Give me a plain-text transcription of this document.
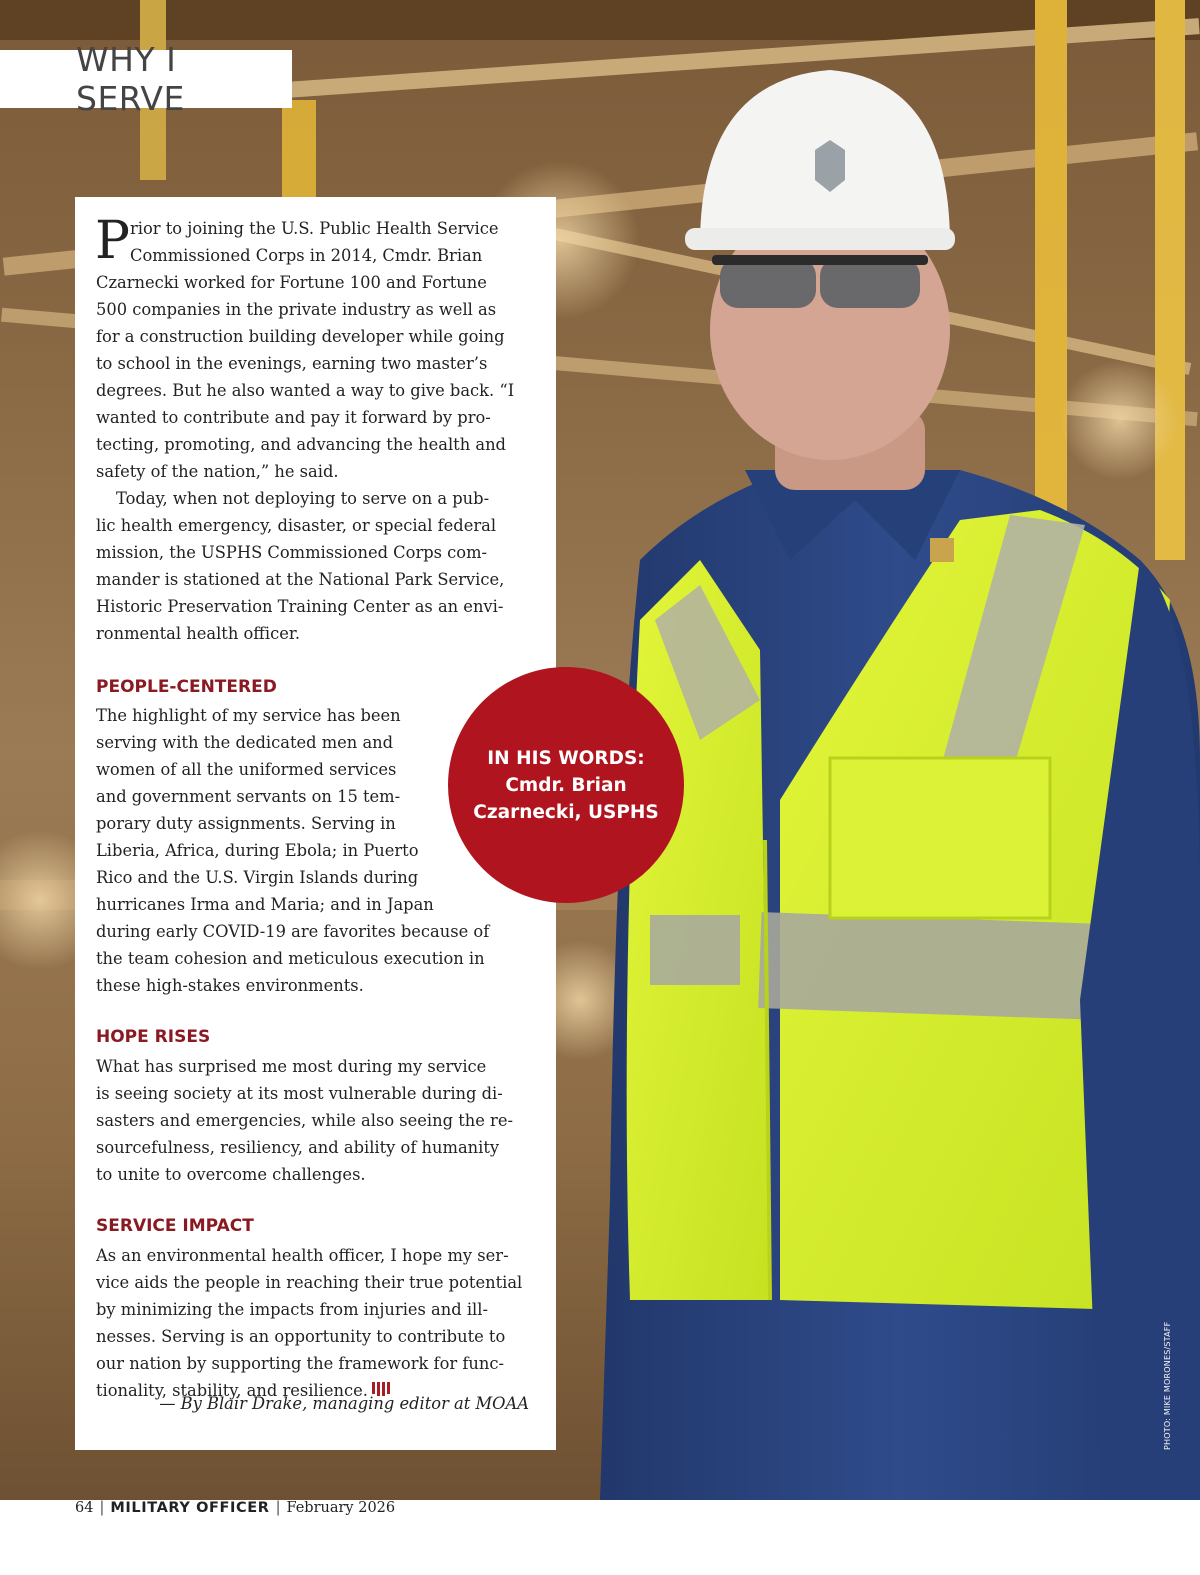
WHY I SERVE
P rior to joining the U.S. Public Health Service
Commissioned Corps in 2014, Cmdr. Brian
Czarnecki worked for Fortune 100 and Fortune
500 companies in the private industry as well as
for a construction building developer while going
to school in the evenings, earning two master’s
degrees. But he also wanted a way to give back. “I
wanted to contribute and pay it forward by pro-
tecting, promoting, and advancing the health and
safety of the nation,” he said.
Today, when not deploying to serve on a pub-
lic health emergency, disaster, or special federal
mission, the USPHS Commissioned Corps com-
mander is stationed at the National Park Service,
Historic Preservation Training Center as an envi-
ronmental health officer.
PEOPLE-CENTERED
The highlight of my service has been
serving with the dedicated men and
women of all the uniformed services
and government servants on 15 tem-
porary duty assignments. Serving in
Liberia, Africa, during Ebola; in Puerto
Rico and the U.S. Virgin Islands during
hurricanes Irma and Maria; and in Japan
during early COVID-19 are favorites because of
the team cohesion and meticulous execution in
these high-stakes environments.
HOPE RISES
What has surprised me most during my service
is seeing society at its most vulnerable during di-
sasters and emergencies, while also seeing the re-
sourcefulness, resiliency, and ability of humanity
to unite to overcome challenges.
SERVICE IMPACT
As an environmental health officer, I hope my ser-
vice aids the people in reaching their true potential
by minimizing the impacts from injuries and ill-
nesses. Serving is an opportunity to contribute to
our nation by supporting the framework for func-
tionality, stability, and resilience.
— By Blair Drake, managing editor at MOAA
IN HIS WORDS:
Cmdr. Brian
Czarnecki, USPHS
PHOTO: MIKE MORONES/STAFF
64 | MILITARY OFFICER | February 2026
